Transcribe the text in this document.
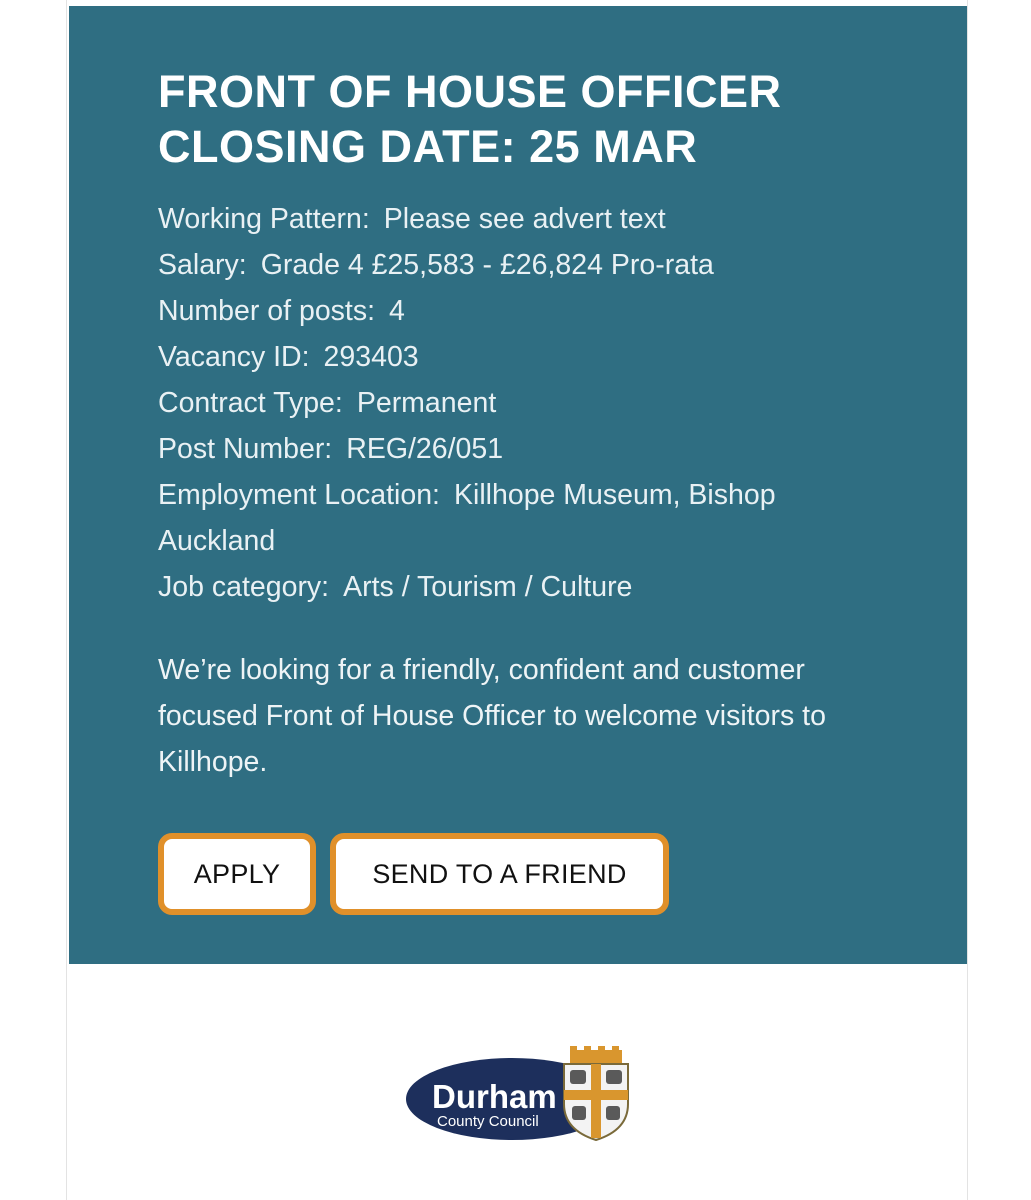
FRONT OF HOUSE OFFICER
CLOSING DATE: 25 MAR
Working Pattern: Please see advert text
Salary: Grade 4 £25,583 - £26,824 Pro-rata
Number of posts: 4
Vacancy ID: 293403
Contract Type: Permanent
Post Number: REG/26/051
Employment Location: Killhope Museum, Bishop Auckland
Job category: Arts / Tourism / Culture

We’re looking for a friendly, confident and customer focused Front of House Officer to welcome visitors to Killhope.

APPLY	SEND TO A FRIEND
Durham
County Council
